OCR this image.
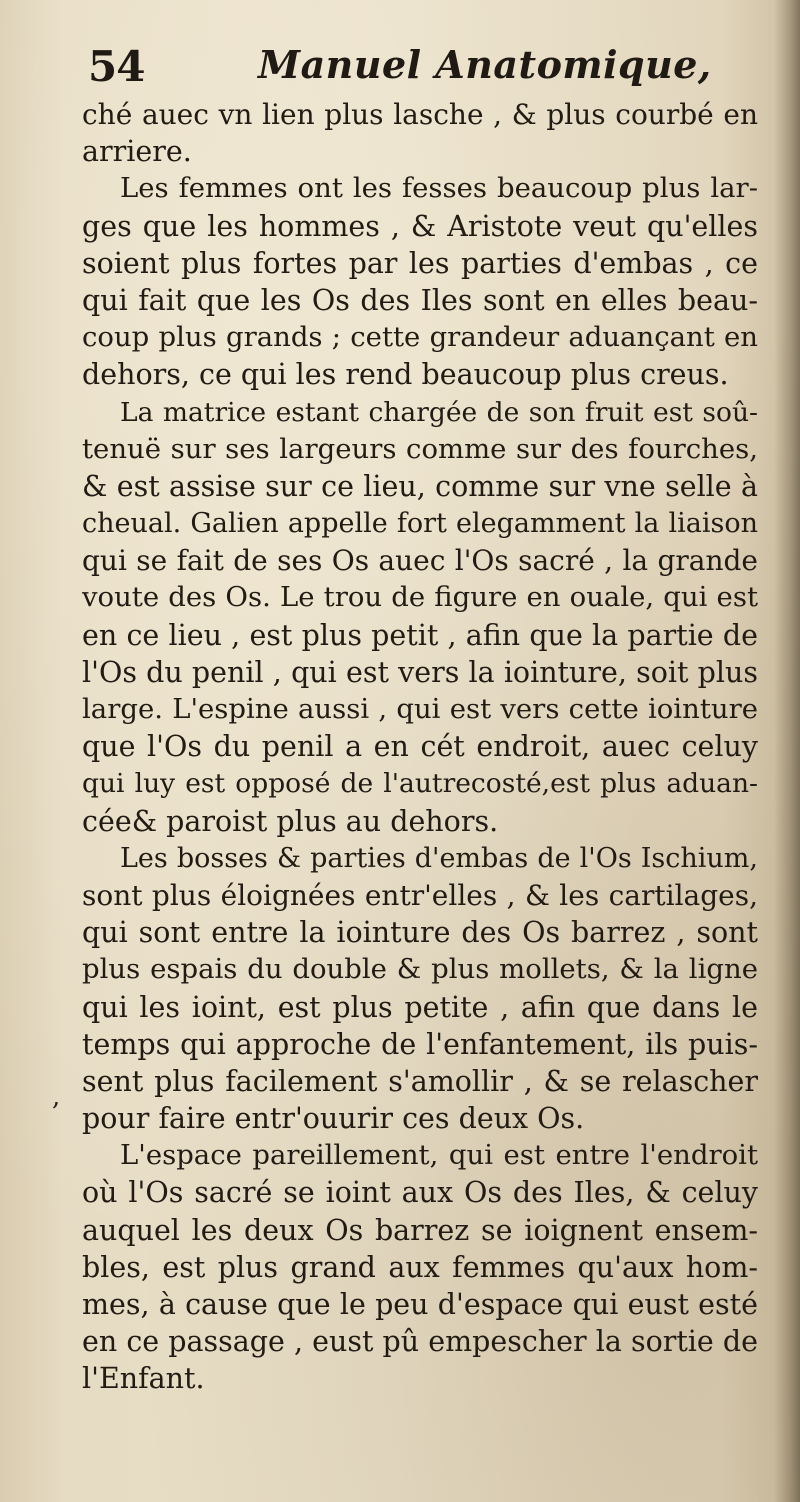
54	Manuel Anatomique,
ché auec vn lien plus lasche , & plus courbé en
arriere.
Les femmes ont les fesses beaucoup plus lar-
ges que les hommes , & Aristote veut qu'elles
soient plus fortes par les parties d'embas , ce
qui fait que les Os des Iles sont en elles beau-
coup plus grands ; cette grandeur aduançant en
dehors, ce qui les rend beaucoup plus creus.
La matrice estant chargée de son fruit est soû-
tenuë sur ses largeurs comme sur des fourches,
& est assise sur ce lieu, comme sur vne selle à
cheual. Galien appelle fort elegamment la liaison
qui se fait de ses Os auec l'Os sacré , la grande
voute des Os. Le trou de figure en ouale, qui est
en ce lieu , est plus petit , afin que la partie de
l'Os du penil , qui est vers la iointure, soit plus
large. L'espine aussi , qui est vers cette iointure
que l'Os du penil a en cét endroit, auec celuy
qui luy est opposé de l'autrecosté,est plus aduan-
cée& paroist plus au dehors.
Les bosses & parties d'embas de l'Os Ischium,
sont plus éloignées entr'elles , & les cartilages,
qui sont entre la iointure des Os barrez , sont
plus espais du double & plus mollets, & la ligne
qui les ioint, est plus petite , afin que dans le
temps qui approche de l'enfantement, ils puis-
sent plus facilement s'amollir , & se relascher
pour faire entr'ouurir ces deux Os.
L'espace pareillement, qui est entre l'endroit
où l'Os sacré se ioint aux Os des Iles, & celuy
auquel les deux Os barrez se ioignent ensem-
bles, est plus grand aux femmes qu'aux hom-
mes, à cause que le peu d'espace qui eust esté
en ce passage , eust pû empescher la sortie de
l'Enfant.
,
